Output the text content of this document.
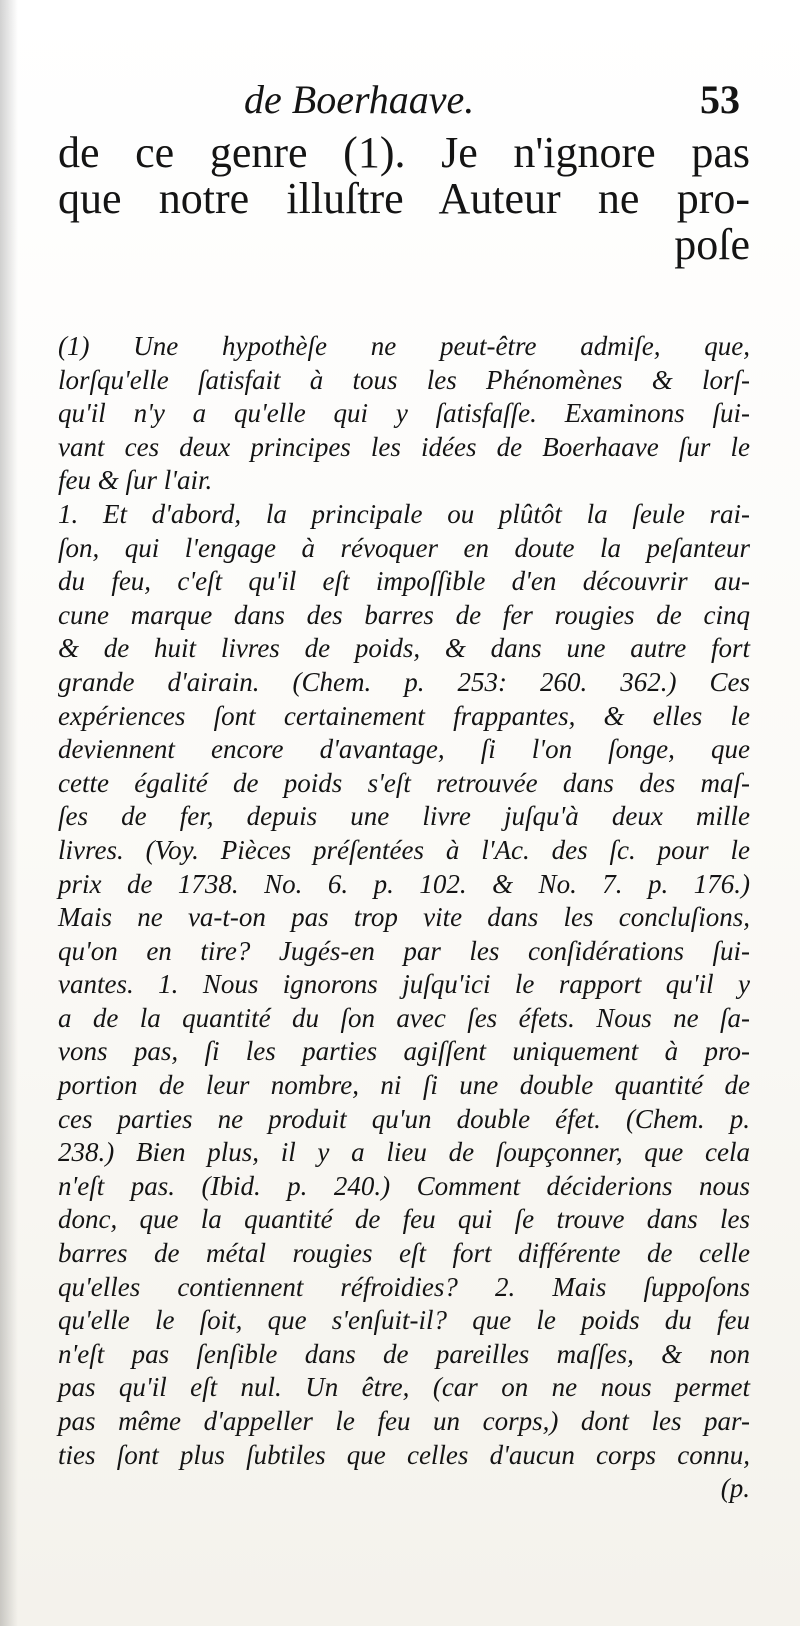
de Boerhaave.	53
de ce genre (1). Je n'ignore pas
que notre illuſtre Auteur ne pro-
poſe
(1) Une hypothèſe ne peut-être admiſe, que,
lorſqu'elle ſatisfait à tous les Phénomènes & lorſ-
qu'il n'y a qu'elle qui y ſatisfaſſe. Examinons ſui-
vant ces deux principes les idées de Boerhaave ſur le
feu & ſur l'air.
1. Et d'abord, la principale ou plûtôt la ſeule rai-
ſon, qui l'engage à révoquer en doute la peſanteur
du feu, c'eſt qu'il eſt impoſſible d'en découvrir au-
cune marque dans des barres de fer rougies de cinq
& de huit livres de poids, & dans une autre fort
grande d'airain. (Chem. p. 253: 260. 362.) Ces
expériences ſont certainement frappantes, & elles le
deviennent encore d'avantage, ſi l'on ſonge, que
cette égalité de poids s'eſt retrouvée dans des maſ-
ſes de fer, depuis une livre juſqu'à deux mille
livres. (Voy. Pièces préſentées à l'Ac. des ſc. pour le
prix de 1738. No. 6. p. 102. & No. 7. p. 176.)
Mais ne va-t-on pas trop vite dans les concluſions,
qu'on en tire? Jugés-en par les conſidérations ſui-
vantes. 1. Nous ignorons juſqu'ici le rapport qu'il y
a de la quantité du ſon avec ſes éfets. Nous ne ſa-
vons pas, ſi les parties agiſſent uniquement à pro-
portion de leur nombre, ni ſi une double quantité de
ces parties ne produit qu'un double éfet. (Chem. p.
238.) Bien plus, il y a lieu de ſoupçonner, que cela
n'eſt pas. (Ibid. p. 240.) Comment déciderions nous
donc, que la quantité de feu qui ſe trouve dans les
barres de métal rougies eſt fort différente de celle
qu'elles contiennent réfroidies? 2. Mais ſuppoſons
qu'elle le ſoit, que s'enſuit-il? que le poids du feu
n'eſt pas ſenſible dans de pareilles maſſes, & non
pas qu'il eſt nul. Un être, (car on ne nous permet
pas même d'appeller le feu un corps,) dont les par-
ties ſont plus ſubtiles que celles d'aucun corps connu,
(p.
